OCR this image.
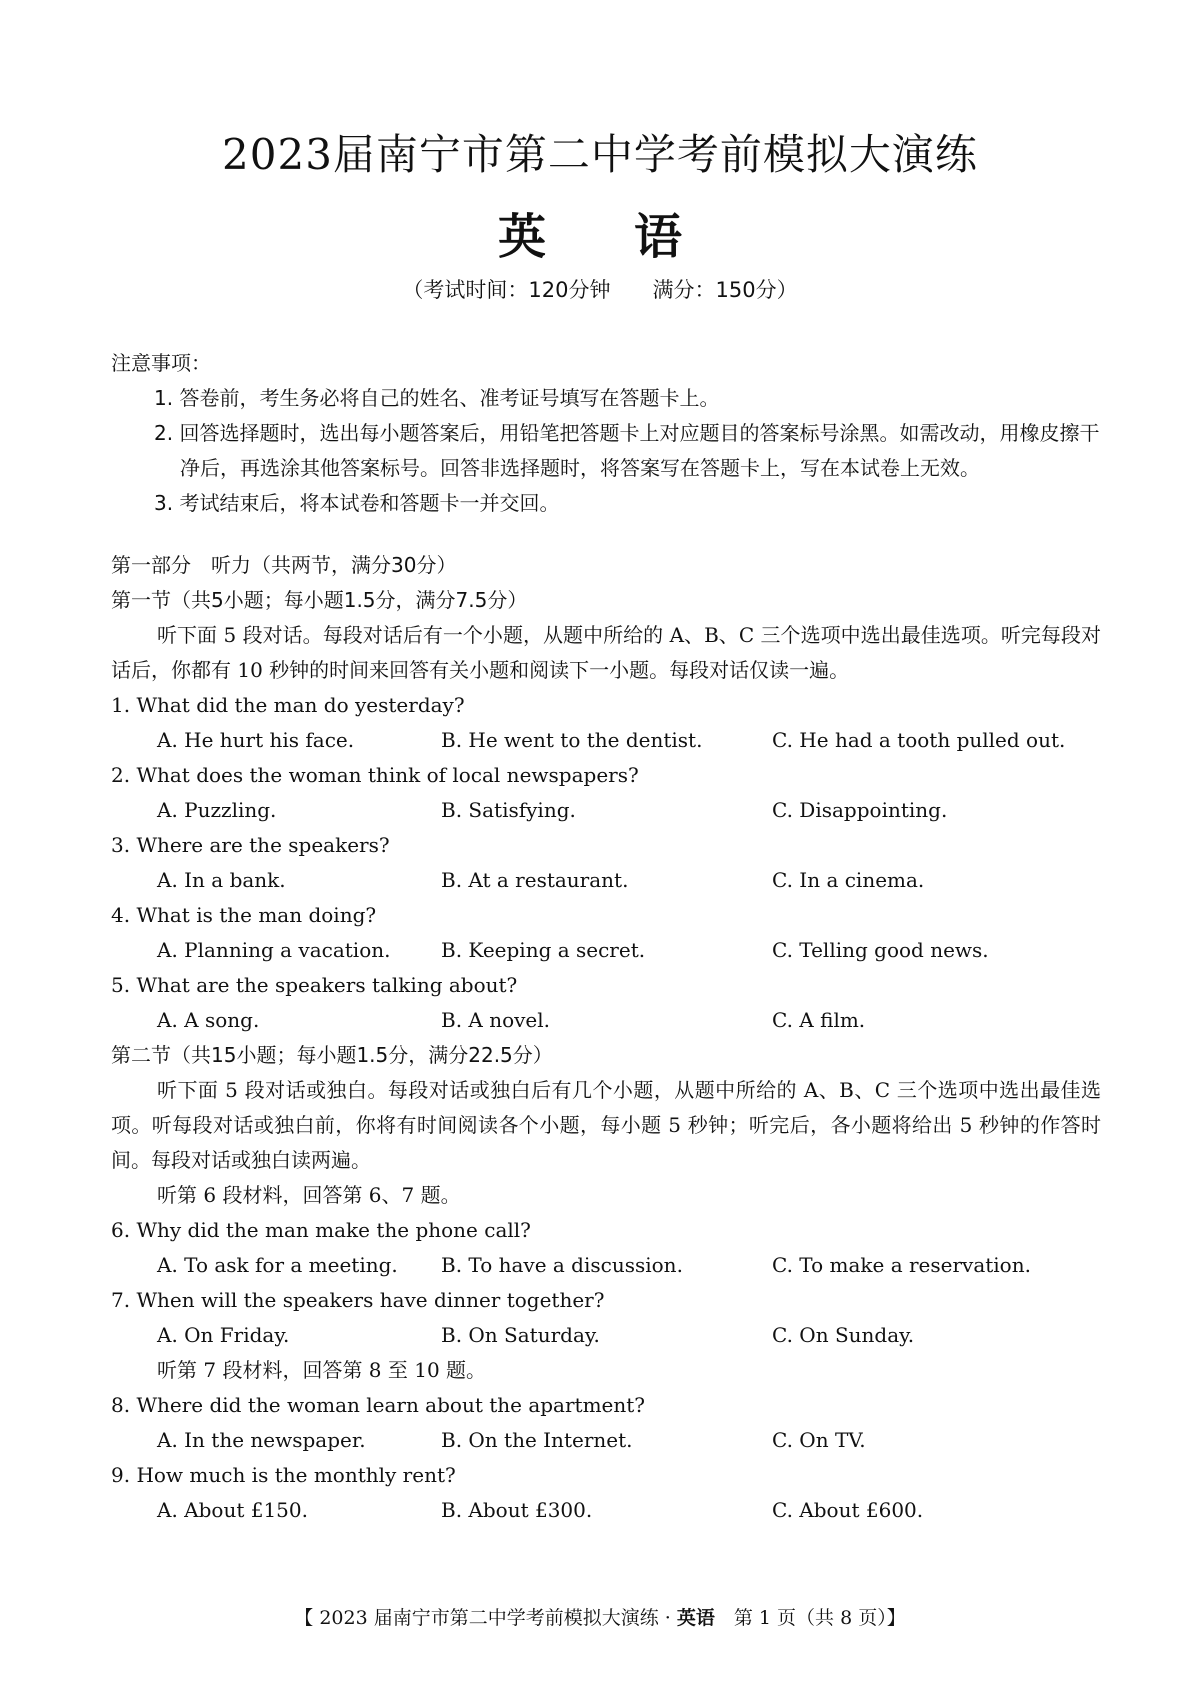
2023届南宁市第二中学考前模拟大演练
英　语
（考试时间：120分钟 满分：150分）
注意事项：
1. 答卷前，考生务必将自己的姓名、准考证号填写在答题卡上。
2. 回答选择题时，选出每小题答案后，用铅笔把答题卡上对应题目的答案标号涂黑。如需改动，用橡皮擦干净后，再选涂其他答案标号。回答非选择题时，将答案写在答题卡上，写在本试卷上无效。
3. 考试结束后，将本试卷和答题卡一并交回。
第一部分　听力（共两节，满分30分）
第一节（共5小题；每小题1.5分，满分7.5分）
听下面 5 段对话。每段对话后有一个小题，从题中所给的 A、B、C 三个选项中选出最佳选项。听完每段对话后，你都有 10 秒钟的时间来回答有关小题和阅读下一小题。每段对话仅读一遍。
1. What did the man do yesterday?
A. He hurt his face.	B. He went to the dentist.	C. He had a tooth pulled out.
2. What does the woman think of local newspapers?
A. Puzzling.	B. Satisfying.	C. Disappointing.
3. Where are the speakers?
A. In a bank.	B. At a restaurant.	C. In a cinema.
4. What is the man doing?
A. Planning a vacation.	B. Keeping a secret.	C. Telling good news.
5. What are the speakers talking about?
A. A song.	B. A novel.	C. A film.
第二节（共15小题；每小题1.5分，满分22.5分）
听下面 5 段对话或独白。每段对话或独白后有几个小题，从题中所给的 A、B、C 三个选项中选出最佳选项。听每段对话或独白前，你将有时间阅读各个小题，每小题 5 秒钟；听完后，各小题将给出 5 秒钟的作答时间。每段对话或独白读两遍。
听第 6 段材料，回答第 6、7 题。
6. Why did the man make the phone call?
A. To ask for a meeting.	B. To have a discussion.	C. To make a reservation.
7. When will the speakers have dinner together?
A. On Friday.	B. On Saturday.	C. On Sunday.
听第 7 段材料，回答第 8 至 10 题。
8. Where did the woman learn about the apartment?
A. In the newspaper.	B. On the Internet.	C. On TV.
9. How much is the monthly rent?
A. About £150.	B. About £300.	C. About £600.
【 2023 届南宁市第二中学考前模拟大演练 · 英语　第 1 页（共 8 页）】
